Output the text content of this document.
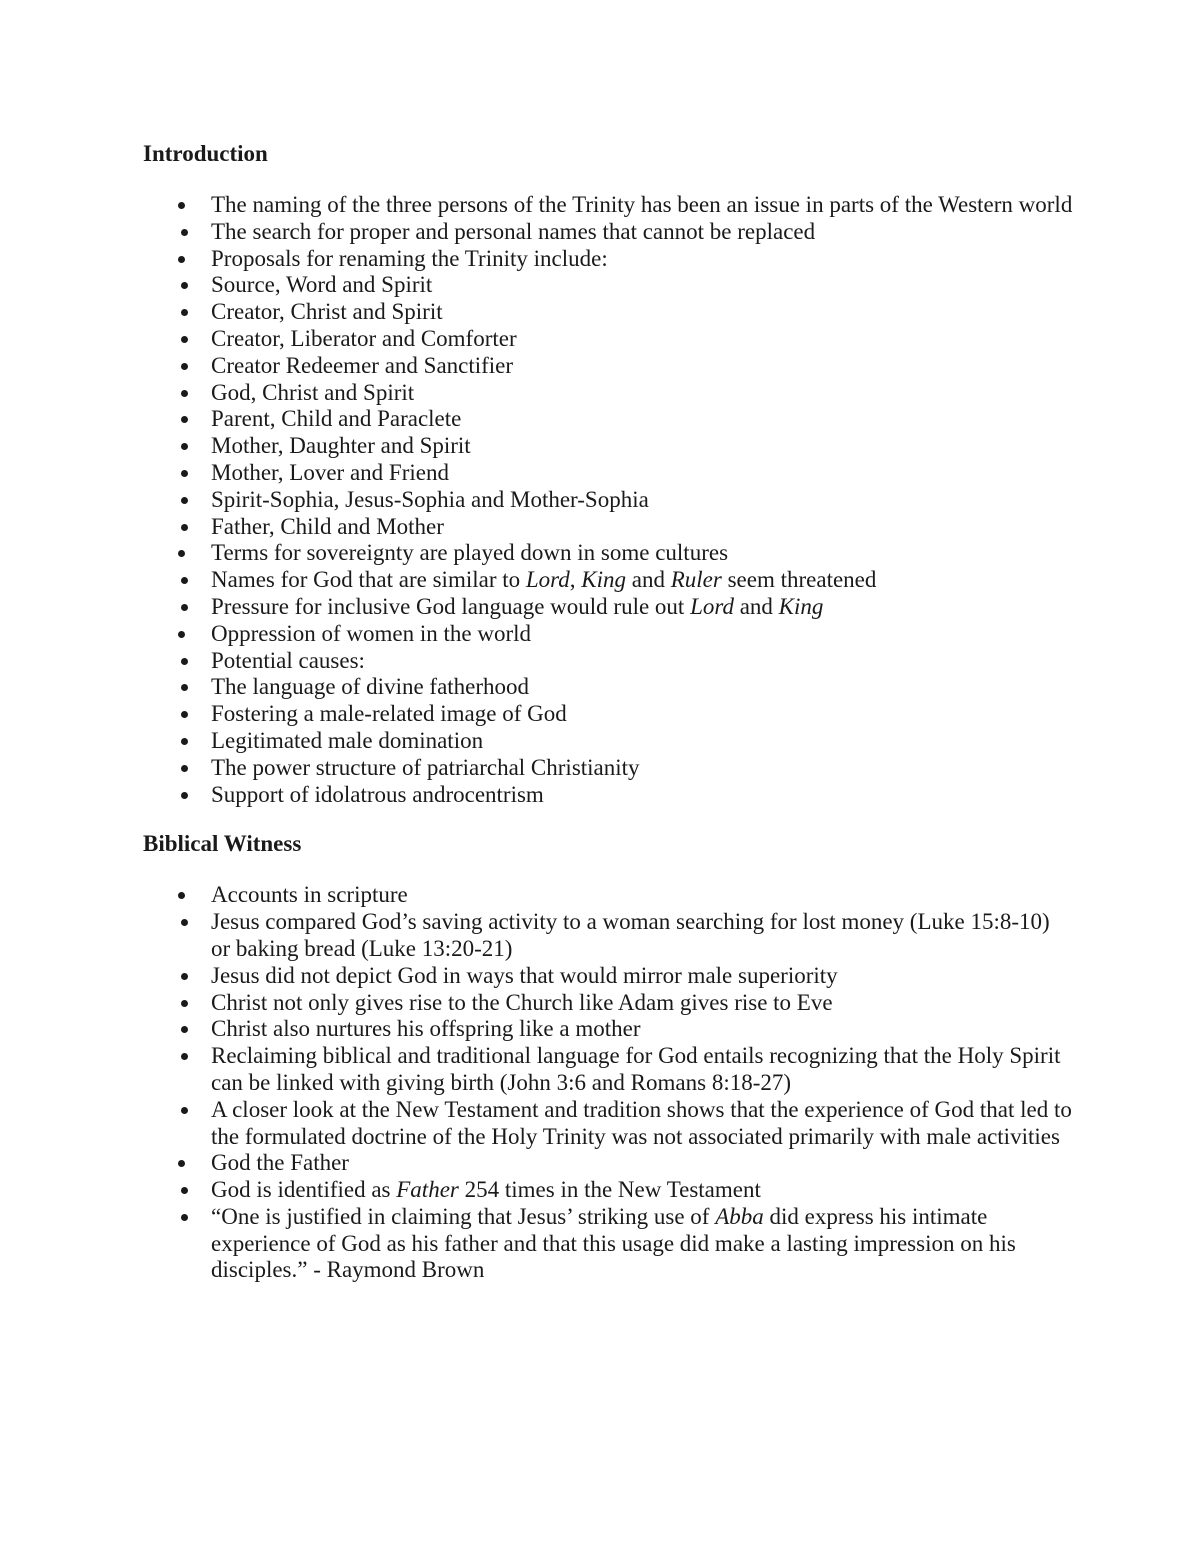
Introduction
The naming of the three persons of the Trinity has been an issue in parts of the Western world
The search for proper and personal names that cannot be replaced
Proposals for renaming the Trinity include:
Source, Word and Spirit
Creator, Christ and Spirit
Creator, Liberator and Comforter
Creator Redeemer and Sanctifier
God, Christ and Spirit
Parent, Child and Paraclete
Mother, Daughter and Spirit
Mother, Lover and Friend
Spirit-Sophia, Jesus-Sophia and Mother-Sophia
Father, Child and Mother
Terms for sovereignty are played down in some cultures
Names for God that are similar to Lord, King and Ruler seem threatened
Pressure for inclusive God language would rule out Lord and King
Oppression of women in the world
Potential causes:
The language of divine fatherhood
Fostering a male-related image of God
Legitimated male domination
The power structure of patriarchal Christianity
Support of idolatrous androcentrism
Biblical Witness
Accounts in scripture
Jesus compared God’s saving activity to a woman searching for lost money (Luke 15:8-10) or baking bread (Luke 13:20-21)
Jesus did not depict God in ways that would mirror male superiority
Christ not only gives rise to the Church like Adam gives rise to Eve
Christ also nurtures his offspring like a mother
Reclaiming biblical and traditional language for God entails recognizing that the Holy Spirit can be linked with giving birth (John 3:6 and Romans 8:18-27)
A closer look at the New Testament and tradition shows that the experience of God that led to the formulated doctrine of the Holy Trinity was not associated primarily with male activities
God the Father
God is identified as Father 254 times in the New Testament
“One is justified in claiming that Jesus’ striking use of Abba did express his intimate experience of God as his father and that this usage did make a lasting impression on his disciples.” - Raymond Brown
